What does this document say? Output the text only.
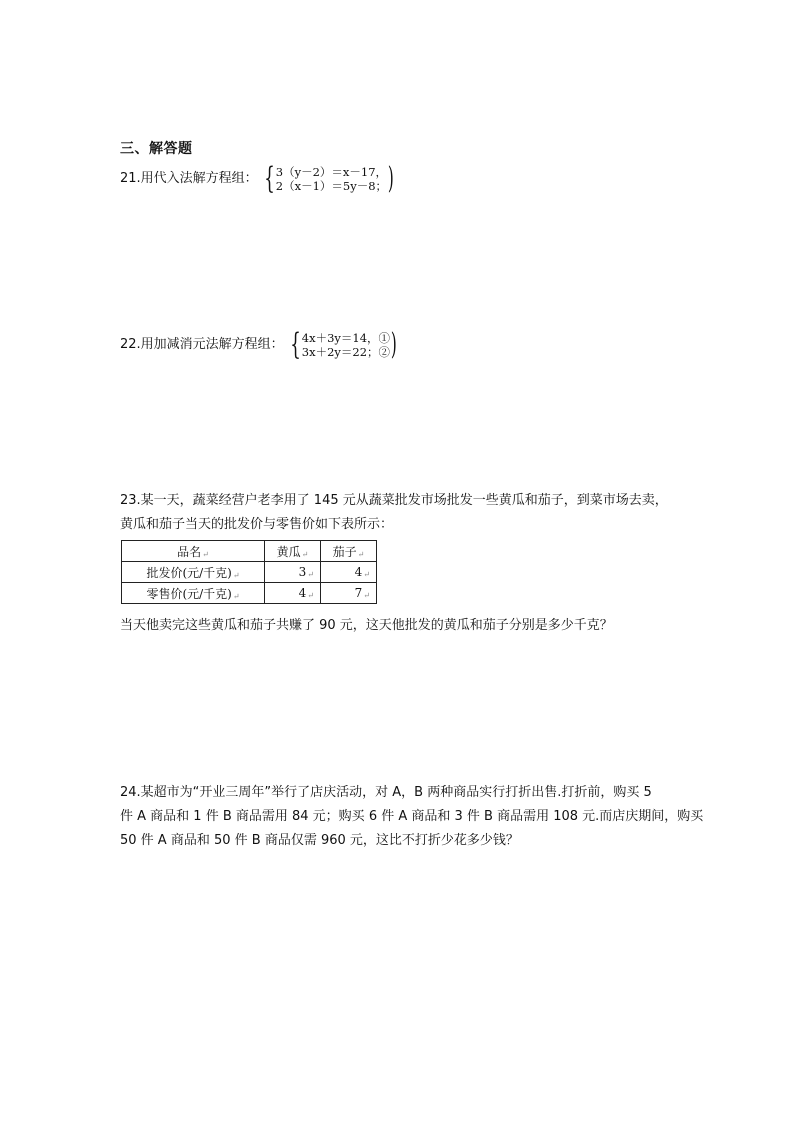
三、解答题
21.用代入法解方程组： { 3（y－2）＝x－17，
2（x－1）＝5y－8； )
22.用加减消元法解方程组： { 4x＋3y＝14，①
3x＋2y＝22；② )

23.某一天，蔬菜经营户老李用了 145 元从蔬菜批发市场批发一些黄瓜和茄子，到菜市场去卖，

黄瓜和茄子当天的批发价与零售价如下表所示：

品名↵	黄瓜↵	茄子↵
批发价(元/千克)↵	3↵	4↵
零售价(元/千克)↵	4↵	7↵
当天他卖完这些黄瓜和茄子共赚了 90 元，这天他批发的黄瓜和茄子分别是多少千克？

24.某超市为“开业三周年”举行了店庆活动，对 A，B 两种商品实行打折出售.打折前，购买 5

件 A 商品和 1 件 B 商品需用 84 元；购买 6 件 A 商品和 3 件 B 商品需用 108 元.而店庆期间，购买

50 件 A 商品和 50 件 B 商品仅需 960 元，这比不打折少花多少钱？
